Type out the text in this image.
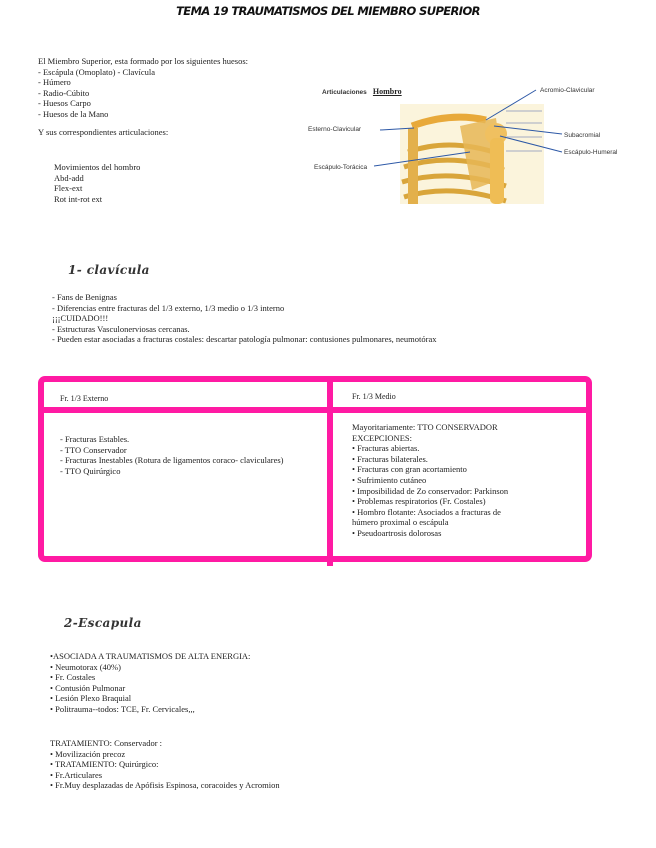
TEMA 19 TRAUMATISMOS DEL MIEMBRO SUPERIOR
El Miembro Superior, esta formado por los siguientes huesos:
- Escápula (Omoplato) - Clavícula
- Húmero
- Radio-Cúbito
- Huesos Carpo
- Huesos de la Mano
Y sus correspondientes articulaciones:
Movimientos del hombro
Abd-add
Flex-ext
Rot int-rot ext
Articulaciones Hombro	Acromio-Clavicular
Esterno-Clavicular
Subacromial
Escápulo-Humeral
Escápulo-Torácica
1- clavícula
- Fans de Benignas
- Diferencias entre fracturas del 1/3 externo, 1/3 medio o 1/3 interno
¡¡¡CUIDADO!!!
- Estructuras Vasculonerviosas cercanas.
- Pueden estar asociadas a fracturas costales: descartar patología pulmonar: contusiones pulmonares, neumotórax
Fr. 1/3 Externo	Fr. 1/3 Medio
- Fracturas Estables.
- TTO Conservador
- Fracturas Inestables (Rotura de ligamentos coraco- claviculares)
- TTO Quirúrgico
Mayoritariamente: TTO CONSERVADOR
EXCEPCIONES:
• Fracturas abiertas.
• Fracturas bilaterales.
• Fracturas con gran acortamiento
• Sufrimiento cutáneo
• Imposibilidad de Zo conservador: Parkinson
• Problemas respiratorios (Fr. Costales)
• Hombro flotante: Asociados a fracturas de
húmero proximal o escápula
• Pseudoartrosis dolorosas
2-Escapula
•ASOCIADA A TRAUMATISMOS DE ALTA ENERGIA:
• Neumotorax (40%)
• Fr. Costales
• Contusión Pulmonar
• Lesión Plexo Braquial
• Politrauma--todos: TCE, Fr. Cervicales,,,
TRATAMIENTO: Conservador :
• Movilización precoz
• TRATAMIENTO: Quirúrgico:
• Fr.Articulares
• Fr.Muy desplazadas de Apófisis Espinosa, coracoides y Acromion
